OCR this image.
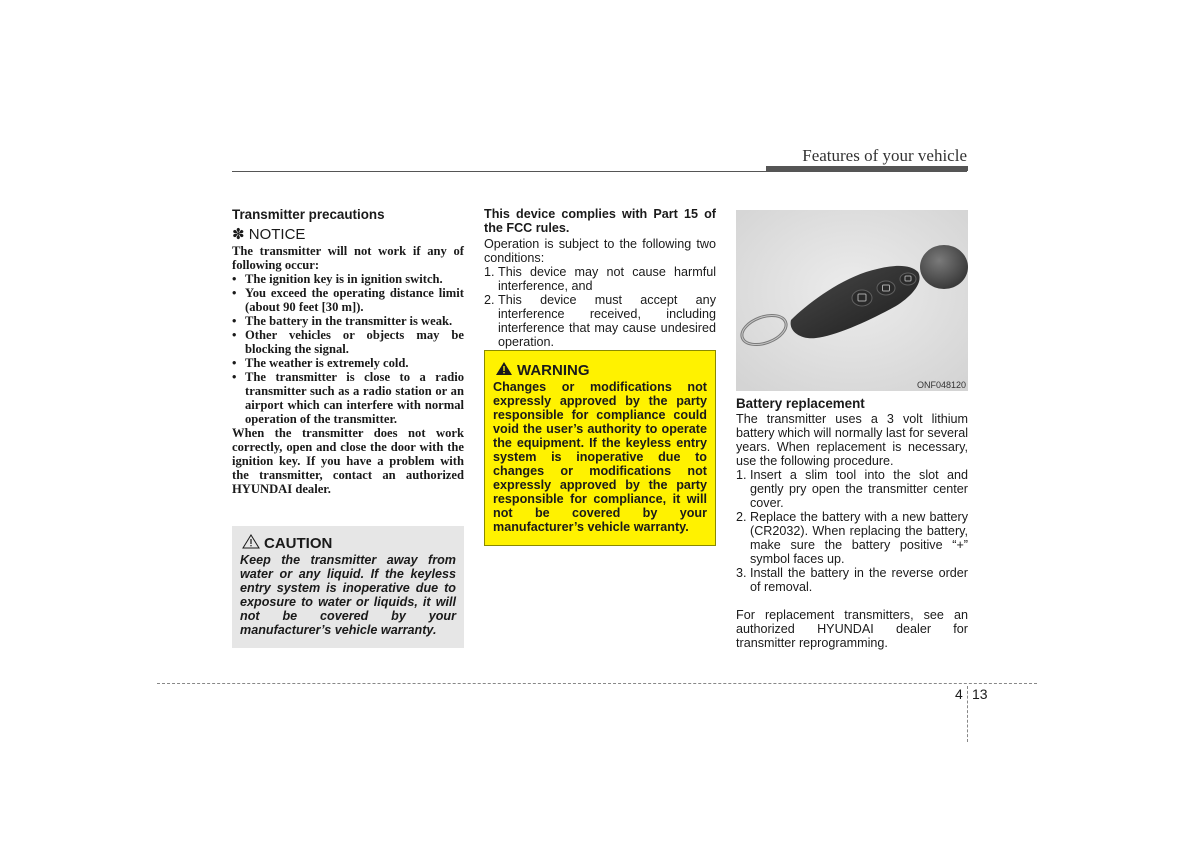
Features of your vehicle
Transmitter precautions
✽ NOTICE
The transmitter will not work if any of following occur:
• The ignition key is in ignition switch.
• You exceed the operating distance limit (about 90 feet [30 m]).
• The battery in the transmitter is weak.
• Other vehicles or objects may be blocking the signal.
• The weather is extremely cold.
• The transmitter is close to a radio transmitter such as a radio station or an airport which can interfere with normal operation of the transmitter.
When the transmitter does not work correctly, open and close the door with the ignition key. If you have a problem with the transmitter, contact an authorized HYUNDAI dealer.
CAUTION
Keep the transmitter away from water or any liquid. If the keyless entry system is inoperative due to exposure to water or liquids, it will not be covered by your manufacturer’s vehicle warranty.
This device complies with Part 15 of the FCC rules.
Operation is subject to the following two conditions:
1. This device may not cause harmful interference, and
2. This device must accept any interference received, including interference that may cause undesired operation.
WARNING
Changes or modifications not expressly approved by the party responsible for compliance could void the user’s authority to operate the equipment. If the keyless entry system is inoperative due to changes or modifications not expressly approved by the party responsible for compliance, it will not be covered by your manufacturer’s vehicle warranty.
ONF048120
Battery replacement
The transmitter uses a 3 volt lithium battery which will normally last for several years. When replacement is necessary, use the following procedure.
1. Insert a slim tool into the slot and gently pry open the transmitter center cover.
2. Replace the battery with a new battery (CR2032). When replacing the battery, make sure the battery positive “+” symbol faces up.
3. Install the battery in the reverse order of removal.
For replacement transmitters, see an authorized HYUNDAI dealer for transmitter reprogramming.
4 13
